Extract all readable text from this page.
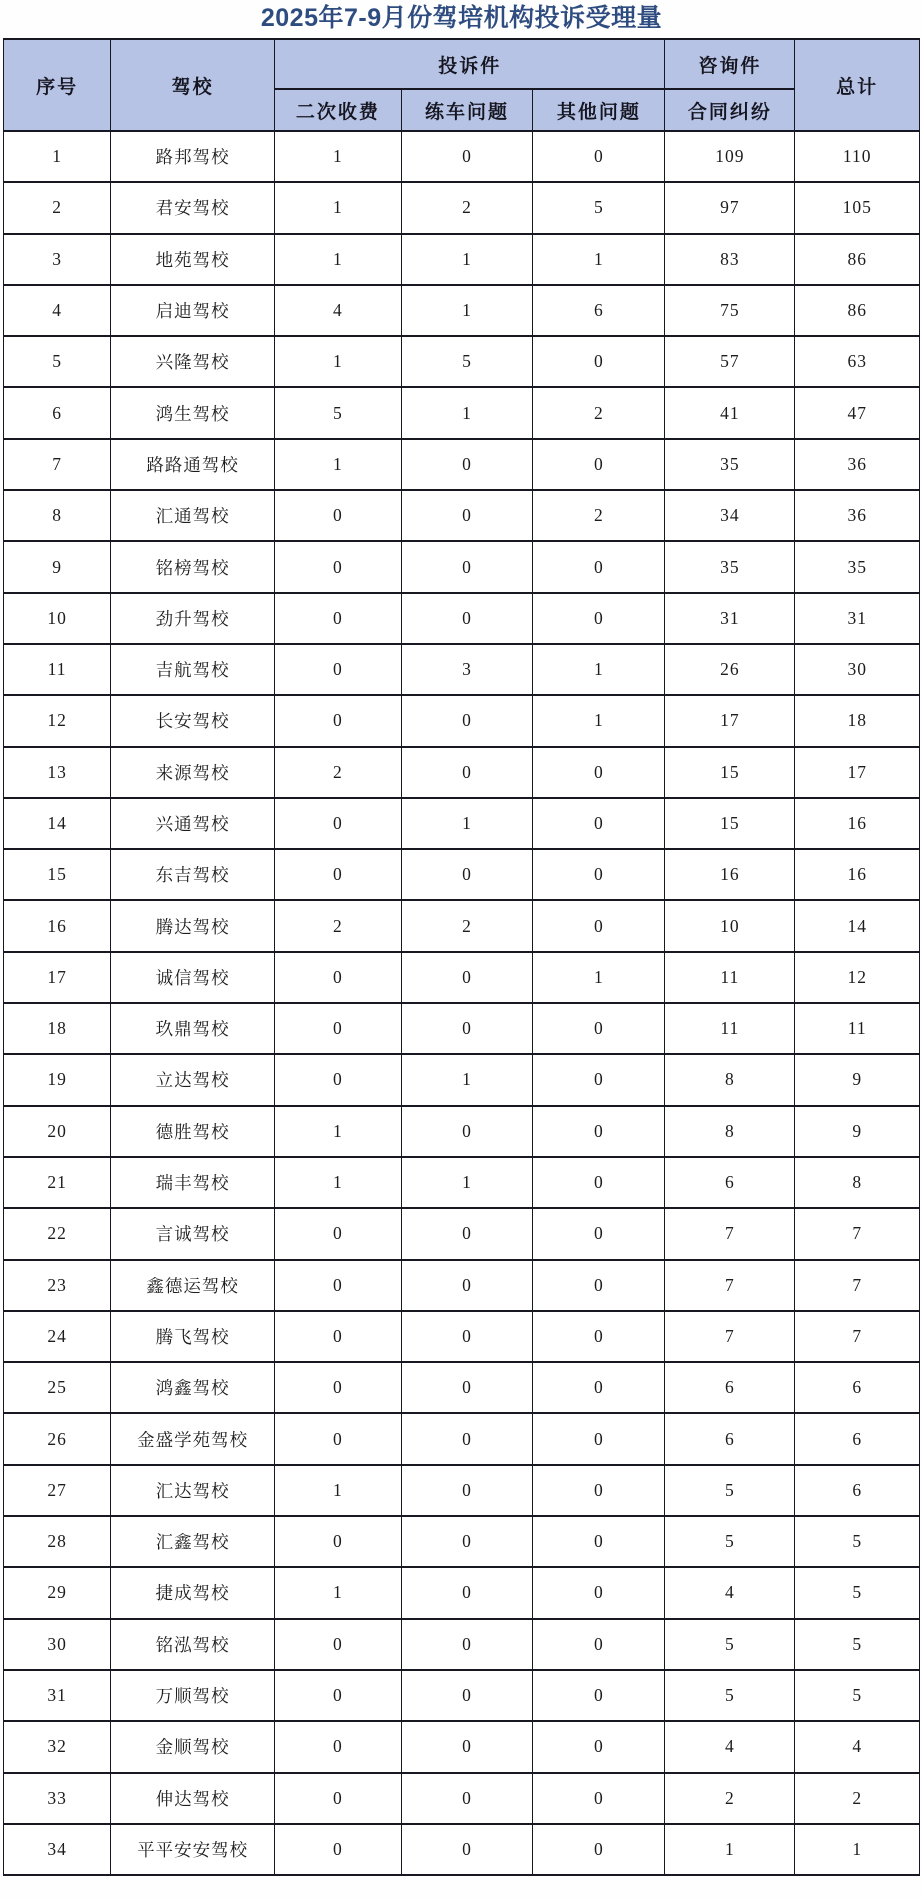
2025年7-9月份驾培机构投诉受理量
序号	驾校	投诉件			咨询件	总计
		二次收费	练车问题	其他问题	合同纠纷	
1	路邦驾校	1	0	0	109	110
2	君安驾校	1	2	5	97	105
3	地苑驾校	1	1	1	83	86
4	启迪驾校	4	1	6	75	86
5	兴隆驾校	1	5	0	57	63
6	鸿生驾校	5	1	2	41	47
7	路路通驾校	1	0	0	35	36
8	汇通驾校	0	0	2	34	36
9	铭榜驾校	0	0	0	35	35
10	劲升驾校	0	0	0	31	31
11	吉航驾校	0	3	1	26	30
12	长安驾校	0	0	1	17	18
13	来源驾校	2	0	0	15	17
14	兴通驾校	0	1	0	15	16
15	东吉驾校	0	0	0	16	16
16	腾达驾校	2	2	0	10	14
17	诚信驾校	0	0	1	11	12
18	玖鼎驾校	0	0	0	11	11
19	立达驾校	0	1	0	8	9
20	德胜驾校	1	0	0	8	9
21	瑞丰驾校	1	1	0	6	8
22	言诚驾校	0	0	0	7	7
23	鑫德运驾校	0	0	0	7	7
24	腾飞驾校	0	0	0	7	7
25	鸿鑫驾校	0	0	0	6	6
26	金盛学苑驾校	0	0	0	6	6
27	汇达驾校	1	0	0	5	6
28	汇鑫驾校	0	0	0	5	5
29	捷成驾校	1	0	0	4	5
30	铭泓驾校	0	0	0	5	5
31	万顺驾校	0	0	0	5	5
32	金顺驾校	0	0	0	4	4
33	伸达驾校	0	0	0	2	2
34	平平安安驾校	0	0	0	1	1
